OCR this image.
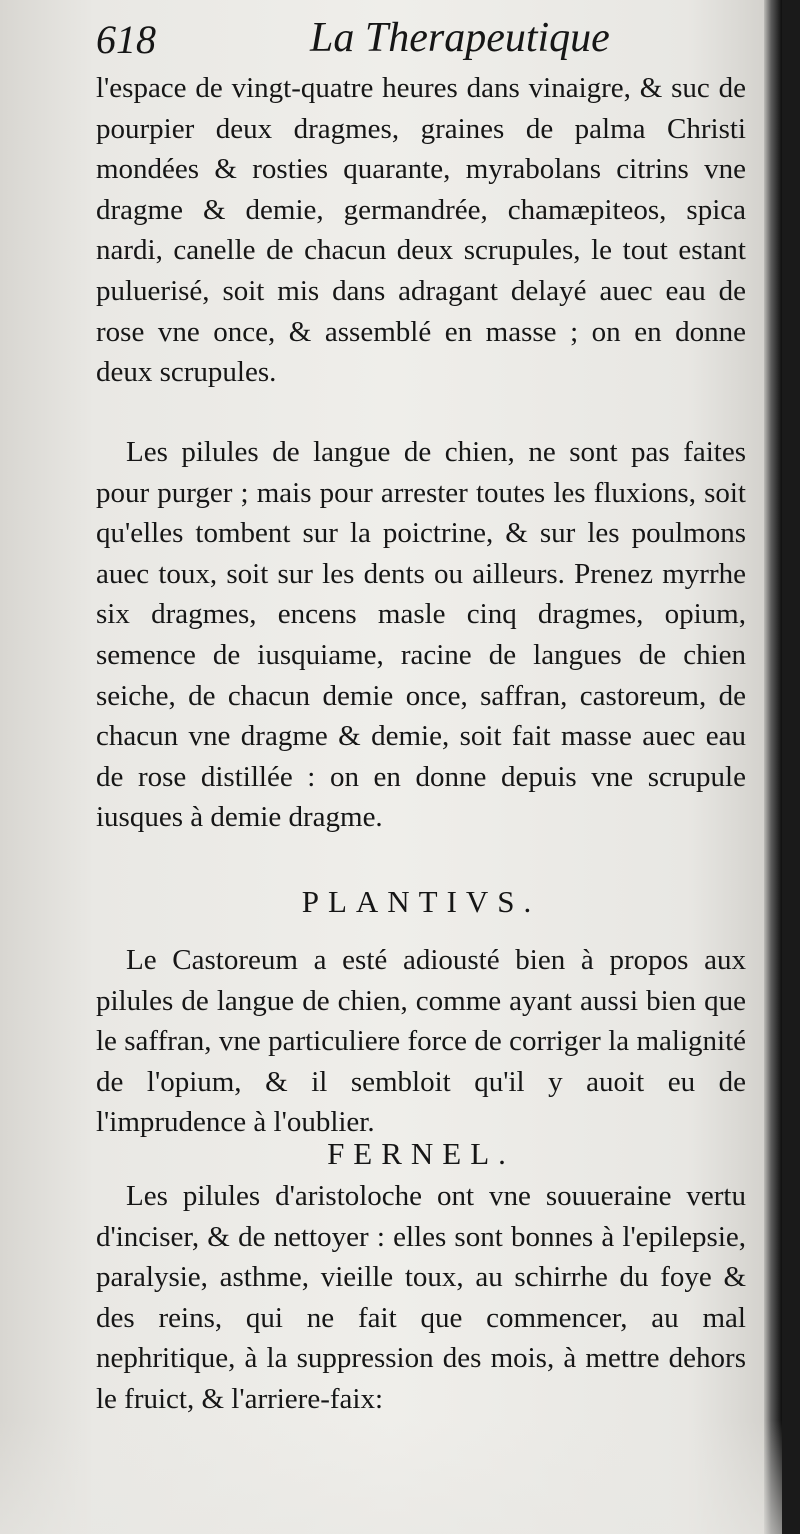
618	La Therapeutique

l'espace de vingt-quatre heures dans vinaigre, & suc de pourpier deux dragmes, graines de palma Christi mondées & rosties quarante, myrabolans citrins vne dragme & demie, germandrée, chamæpiteos, spica nardi, canelle de chacun deux scrupules, le tout estant puluerisé, soit mis dans adragant delayé auec eau de rose vne once, & assemblé en masse ; on en donne deux scrupules.

Les pilules de langue de chien, ne sont pas faites pour purger ; mais pour arrester toutes les fluxions, soit qu'elles tombent sur la poictrine, & sur les poulmons auec toux, soit sur les dents ou ailleurs. Prenez myrrhe six dragmes, encens masle cinq dragmes, opium, semence de iusquiame, racine de langues de chien seiche, de chacun demie once, saffran, castoreum, de chacun vne dragme & demie, soit fait masse auec eau de rose distillée : on en donne depuis vne scrupule iusques à demie dragme.

PLANTIVS.

Le Castoreum a esté adiousté bien à propos aux pilules de langue de chien, comme ayant aussi bien que le saffran, vne particuliere force de corriger la malignité de l'opium, & il sembloit qu'il y auoit eu de l'imprudence à l'oublier.

FERNEL.

Les pilules d'aristoloche ont vne souueraine vertu d'inciser, & de nettoyer : elles sont bonnes à l'epilepsie, paralysie, asthme, vieille toux, au schirrhe du foye & des reins, qui ne fait que commencer, au mal nephritique, à la suppression des mois, à mettre dehors le fruict, & l'arriere-faix:
